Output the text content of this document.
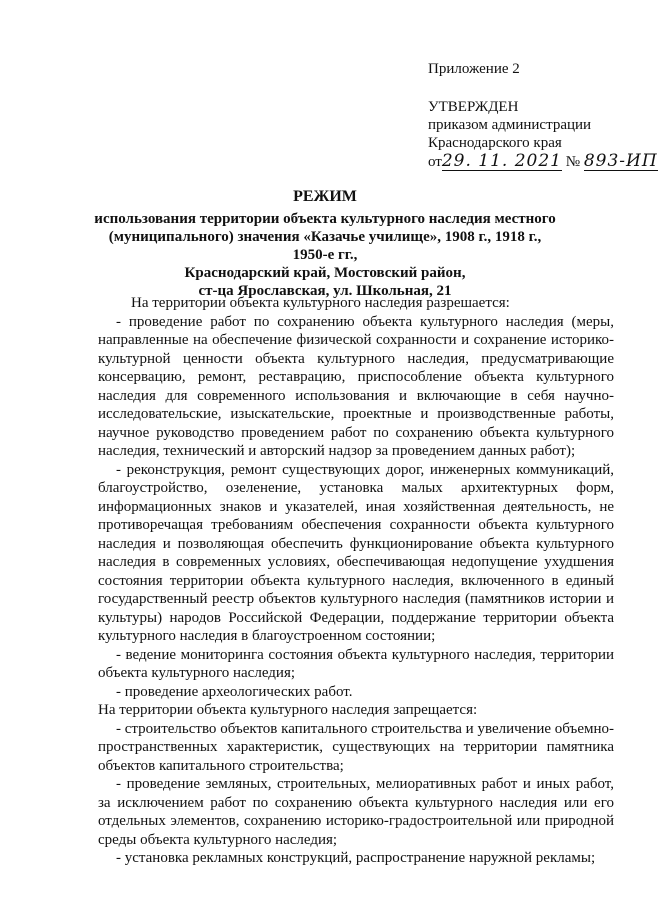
Приложение 2
УТВЕРЖДЕН
приказом администрации
Краснодарского края
от29. 11. 2021 № 893-ИП
РЕЖИМ
использования территории объекта культурного наследия местного
(муниципального) значения «Казачье училище», 1908 г., 1918 г., 1950-е гг.,
Краснодарский край, Мостовский район,
ст-ца Ярославская, ул. Школьная, 21

На территории объекта культурного наследия разрешается:

- проведение работ по сохранению объекта культурного наследия (меры, направленные на обеспечение физической сохранности и сохранение историко-культурной ценности объекта культурного наследия, предусматривающие консервацию, ремонт, реставрацию, приспособление объекта культурного наследия для современного использования и включающие в себя научно-исследовательские, изыскательские, проектные и производственные работы, научное руководство проведением работ по сохранению объекта культурного наследия, технический и авторский надзор за проведением данных работ);

- реконструкция, ремонт существующих дорог, инженерных коммуникаций, благоустройство, озеленение, установка малых архитектурных форм, информационных знаков и указателей, иная хозяйственная деятельность, не противоречащая требованиям обеспечения сохранности объекта культурного наследия и позволяющая обеспечить функционирование объекта культурного наследия в современных условиях, обеспечивающая недопущение ухудшения состояния территории объекта культурного наследия, включенного в единый государственный реестр объектов культурного наследия (памятников истории и культуры) народов Российской Федерации, поддержание территории объекта культурного наследия в благоустроенном состоянии;

- ведение мониторинга состояния объекта культурного наследия, территории объекта культурного наследия;

- проведение археологических работ.

На территории объекта культурного наследия запрещается:

- строительство объектов капитального строительства и увеличение объемно-пространственных характеристик, существующих на территории памятника объектов капитального строительства;

- проведение земляных, строительных, мелиоративных работ и иных работ, за исключением работ по сохранению объекта культурного наследия или его отдельных элементов, сохранению историко-градостроительной или природной среды объекта культурного наследия;

- установка рекламных конструкций, распространение наружной рекламы;
